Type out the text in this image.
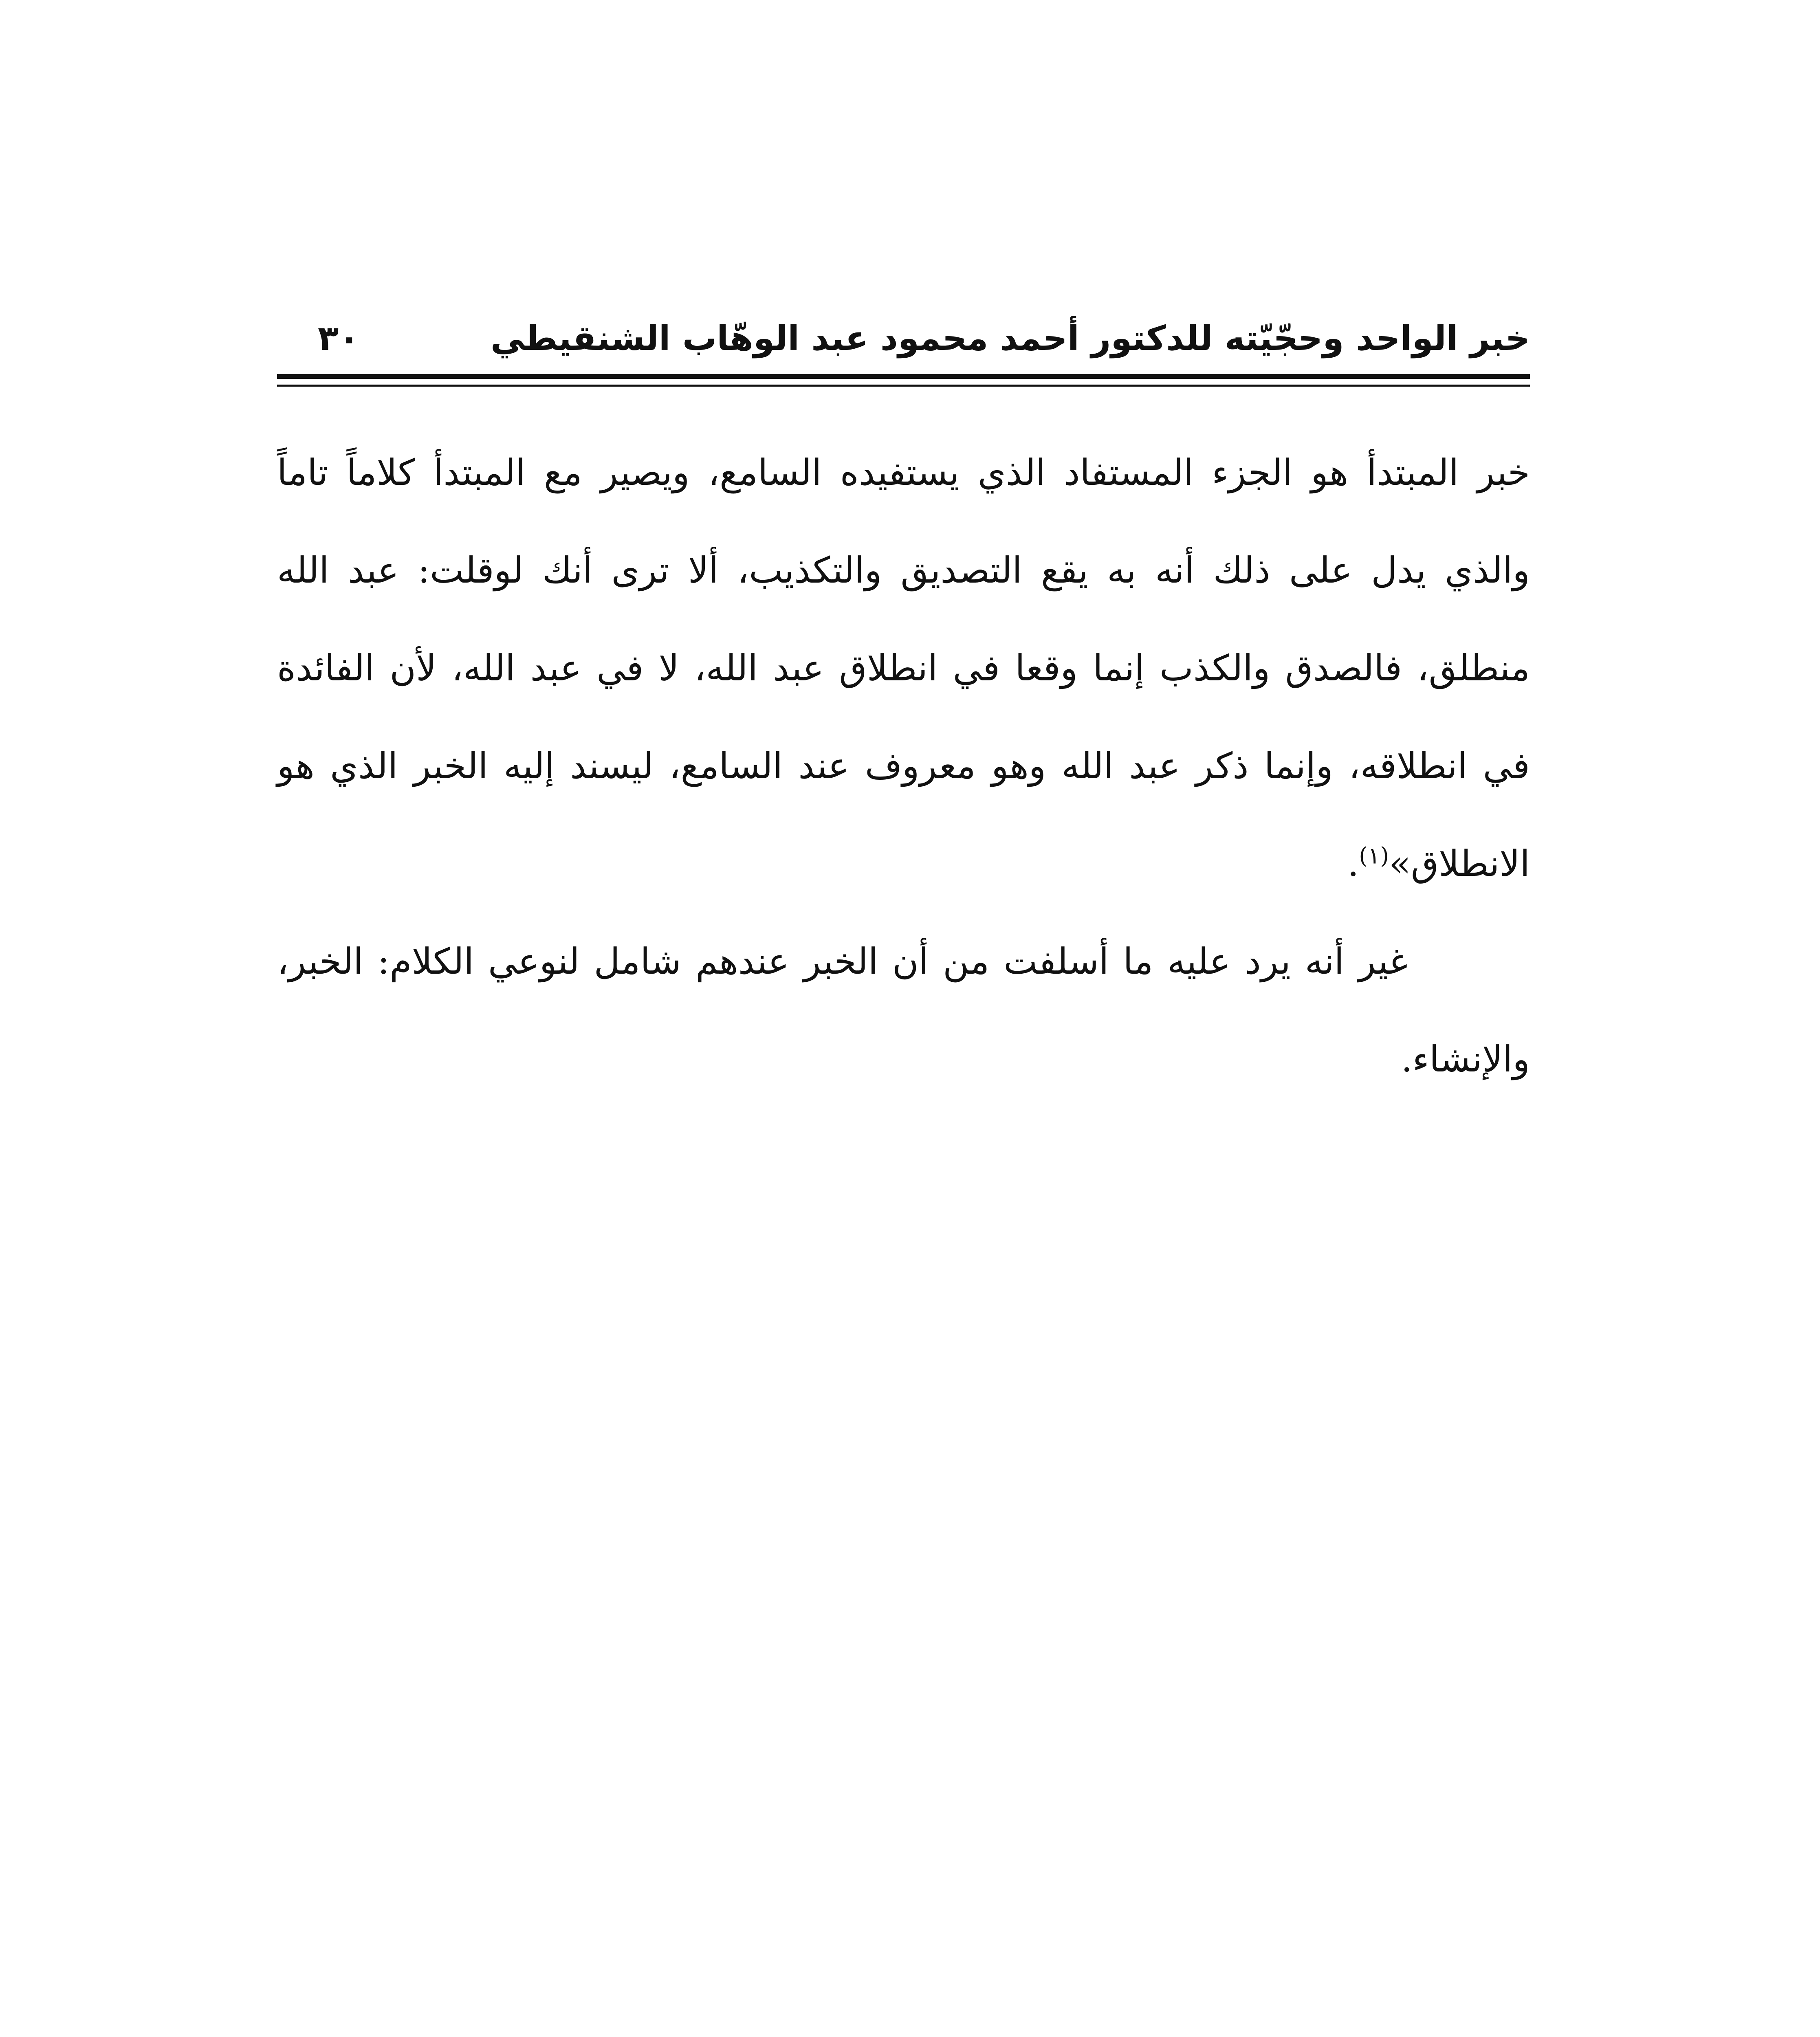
خبر الواحد وحجّيّته للدكتور أحمد محمود عبد الوهّاب الشنقيطي
٣٠

خبر المبتدأ هو الجزء المستفاد الذي يستفيده السامع، ويصير مع المبتدأ كلاماً تاماً والذي يدل على ذلك أنه به يقع التصديق والتكذيب، ألا ترى أنك لوقلت: عبد الله منطلق، فالصدق والكذب إنما وقعا في انطلاق عبد الله، لا في عبد الله، لأن الفائدة في انطلاقه، وإنما ذكر عبد الله وهو معروف عند السامع، ليسند إليه الخبر الذي هو الانطلاق»$^{(١)}$.

غير أنه يرد عليه ما أسلفت من أن الخبر عندهم شامل لنوعي الكلام: الخبر، والإنشاء.
